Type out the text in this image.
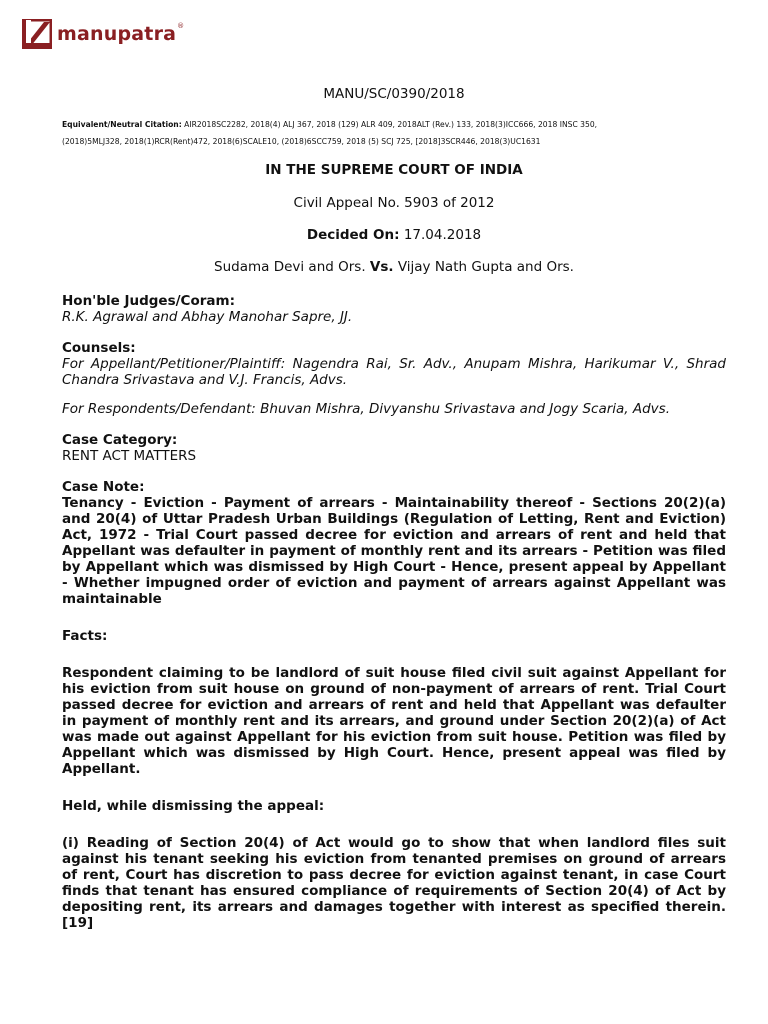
manupatra ®

MANU/SC/0390/2018

Equivalent/Neutral Citation: AIR2018SC2282, 2018(4) ALJ 367, 2018 (129) ALR 409, 2018ALT (Rev.) 133, 2018(3)ICC666, 2018 INSC 350,
(2018)5MLJ328, 2018(1)RCR(Rent)472, 2018(6)SCALE10, (2018)6SCC759, 2018 (5) SCJ 725, [2018]3SCR446, 2018(3)UC1631

IN THE SUPREME COURT OF INDIA

Civil Appeal No. 5903 of 2012

Decided On: 17.04.2018

Sudama Devi and Ors. Vs. Vijay Nath Gupta and Ors.

Hon'ble Judges/Coram:

R.K. Agrawal and Abhay Manohar Sapre, JJ.

Counsels:

For Appellant/Petitioner/Plaintiff: Nagendra Rai, Sr. Adv., Anupam Mishra, Harikumar V., Shrad Chandra Srivastava and V.J. Francis, Advs.

For Respondents/Defendant: Bhuvan Mishra, Divyanshu Srivastava and Jogy Scaria, Advs.

Case Category:

RENT ACT MATTERS

Case Note:

Tenancy - Eviction - Payment of arrears - Maintainability thereof - Sections 20(2)(a) and 20(4) of Uttar Pradesh Urban Buildings (Regulation of Letting, Rent and Eviction) Act, 1972 - Trial Court passed decree for eviction and arrears of rent and held that Appellant was defaulter in payment of monthly rent and its arrears - Petition was filed by Appellant which was dismissed by High Court - Hence, present appeal by Appellant - Whether impugned order of eviction and payment of arrears against Appellant was maintainable

Facts:

Respondent claiming to be landlord of suit house filed civil suit against Appellant for his eviction from suit house on ground of non-payment of arrears of rent. Trial Court passed decree for eviction and arrears of rent and held that Appellant was defaulter in payment of monthly rent and its arrears, and ground under Section 20(2)(a) of Act was made out against Appellant for his eviction from suit house. Petition was filed by Appellant which was dismissed by High Court. Hence, present appeal was filed by Appellant.

Held, while dismissing the appeal:

(i) Reading of Section 20(4) of Act would go to show that when landlord files suit against his tenant seeking his eviction from tenanted premises on ground of arrears of rent, Court has discretion to pass decree for eviction against tenant, in case Court finds that tenant has ensured compliance of requirements of Section 20(4) of Act by depositing rent, its arrears and damages together with interest as specified therein. [19]
